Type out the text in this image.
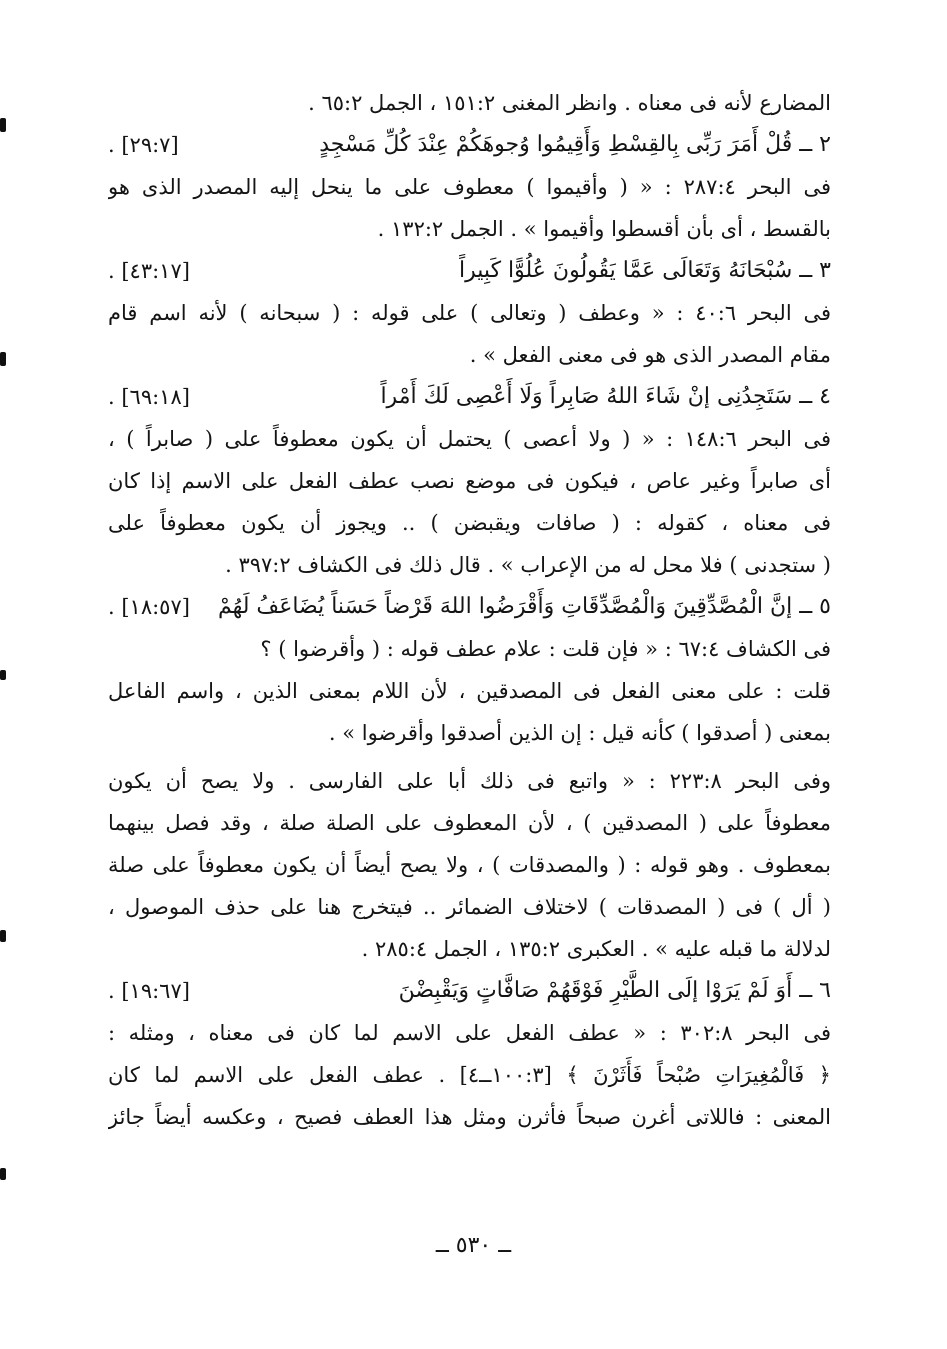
المضارع لأنه فى معناه . وانظر المغنى ١٥١:٢ ، الجمل ٦٥:٢ .
٢ ــ قُلْ أَمَرَ رَبِّى بِالقِسْطِ وَأَقِيمُوا وُجوهَكُمْ عِنْدَ كُلِّ مَسْجِدٍ
[٢٩:٧] .
فى البحر ٢٨٧:٤ : « ( وأقيموا ) معطوف على ما ينحل إليه المصدر الذى هو
بالقسط ، أى بأن أقسطوا وأقيموا » . الجمل ١٣٢:٢ .
٣ ــ سُبْحَانَهُ وَتَعَالَى عَمَّا يَقُولُونَ عُلُوًّا كَبِيراً
[٤٣:١٧] .
فى البحر ٤٠:٦ : « وعطف ( وتعالى ) على قوله : ( سبحانه ) لأنه اسم قام
مقام المصدر الذى هو فى معنى الفعل » .
٤ ــ سَتَجِدُنِى إنْ شَاءَ اللهُ صَابِراً وَلَا أَعْصِى لَكَ أَمْراً
[٦٩:١٨] .
فى البحر ١٤٨:٦ : « ( ولا أعصى ) يحتمل أن يكون معطوفاً على ( صابراً ) ،
أى صابراً وغير عاص ، فيكون فى موضع نصب عطف الفعل على الاسم إذا كان
فى معناه ، كقوله : ( صافات ويقبضن ) .. ويجوز أن يكون معطوفاً على
( ستجدنى ) فلا محل له من الإعراب » . قال ذلك فى الكشاف ٣٩٧:٢ .
٥ ــ إنَّ الْمُصَّدِّقِينَ وَالْمُصَّدِّقَاتِ وَأَقْرَضُوا اللهَ قَرْضاً حَسَناً يُضَاعَفُ لَهُمْ
[١٨:٥٧] .
فى الكشاف ٦٧:٤ : « فإن قلت : علام عطف قوله : ( وأقرضوا ) ؟
قلت : على معنى الفعل فى المصدقين ، لأن اللام بمعنى الذين ، واسم الفاعل
بمعنى ( أصدقوا ) كأنه قيل : إن الذين أصدقوا وأقرضوا » .
وفى البحر ٢٢٣:٨ : « واتبع فى ذلك أبا على الفارسى . ولا يصح أن يكون
معطوفاً على ( المصدقين ) ، لأن المعطوف على الصلة صلة ، وقد فصل بينهما
بمعطوف . وهو قوله : ( والمصدقات ) ، ولا يصح أيضاً أن يكون معطوفاً على صلة
( أل ) فى ( المصدقات ) لاختلاف الضمائر .. فيتخرج هنا على حذف الموصول ،
لدلالة ما قبله عليه » . العكبرى ١٣٥:٢ ، الجمل ٢٨٥:٤ .
٦ ــ أَوَ لَمْ يَرَوْا إلَى الطَّيْرِ فَوْقَهُمْ صَافَّاتٍ وَيَقْبِضْنَ
[١٩:٦٧] .
فى البحر ٣٠٢:٨ : « عطف الفعل على الاسم لما كان فى معناه ، ومثله :
﴿ فَالْمُغِيرَاتِ صُبْحاً فَأَثَرْنَ ﴾ [١٠٠:٣ــ٤] . عطف الفعل على الاسم لما كان
المعنى : فاللاتى أغرن صبحاً فأثرن ومثل هذا العطف فصيح ، وعكسه أيضاً جائز
ــ ٥٣٠ ــ
